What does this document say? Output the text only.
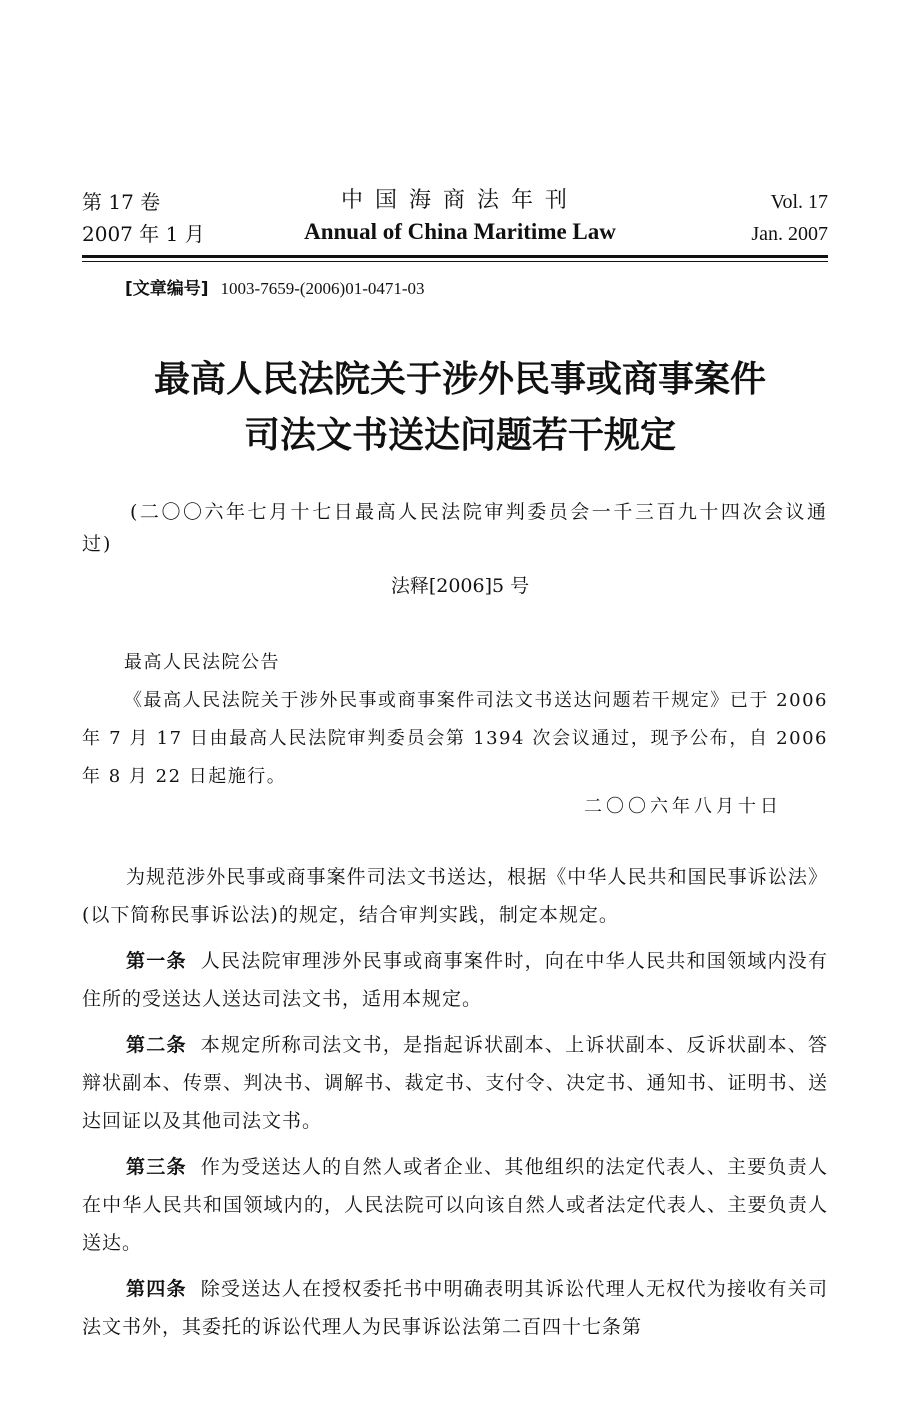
第 17 卷
2007 年 1 月
中国海商法年刊
Annual of China Maritime Law
Vol. 17
Jan. 2007
[文章编号] 1003-7659-(2006)01-0471-03
最高人民法院关于涉外民事或商事案件
司法文书送达问题若干规定
(二〇〇六年七月十七日最高人民法院审判委员会一千三百九十四次会议通过)
法释[2006]5 号

最高人民法院公告

《最高人民法院关于涉外民事或商事案件司法文书送达问题若干规定》已于 2006 年 7 月 17 日由最高人民法院审判委员会第 1394 次会议通过，现予公布，自 2006 年 8 月 22 日起施行。

二〇〇六年八月十日

为规范涉外民事或商事案件司法文书送达，根据《中华人民共和国民事诉讼法》(以下简称民事诉讼法)的规定，结合审判实践，制定本规定。

第一条 人民法院审理涉外民事或商事案件时，向在中华人民共和国领域内没有住所的受送达人送达司法文书，适用本规定。

第二条 本规定所称司法文书，是指起诉状副本、上诉状副本、反诉状副本、答辩状副本、传票、判决书、调解书、裁定书、支付令、决定书、通知书、证明书、送达回证以及其他司法文书。

第三条 作为受送达人的自然人或者企业、其他组织的法定代表人、主要负责人在中华人民共和国领域内的，人民法院可以向该自然人或者法定代表人、主要负责人送达。

第四条 除受送达人在授权委托书中明确表明其诉讼代理人无权代为接收有关司法文书外，其委托的诉讼代理人为民事诉讼法第二百四十七条第
